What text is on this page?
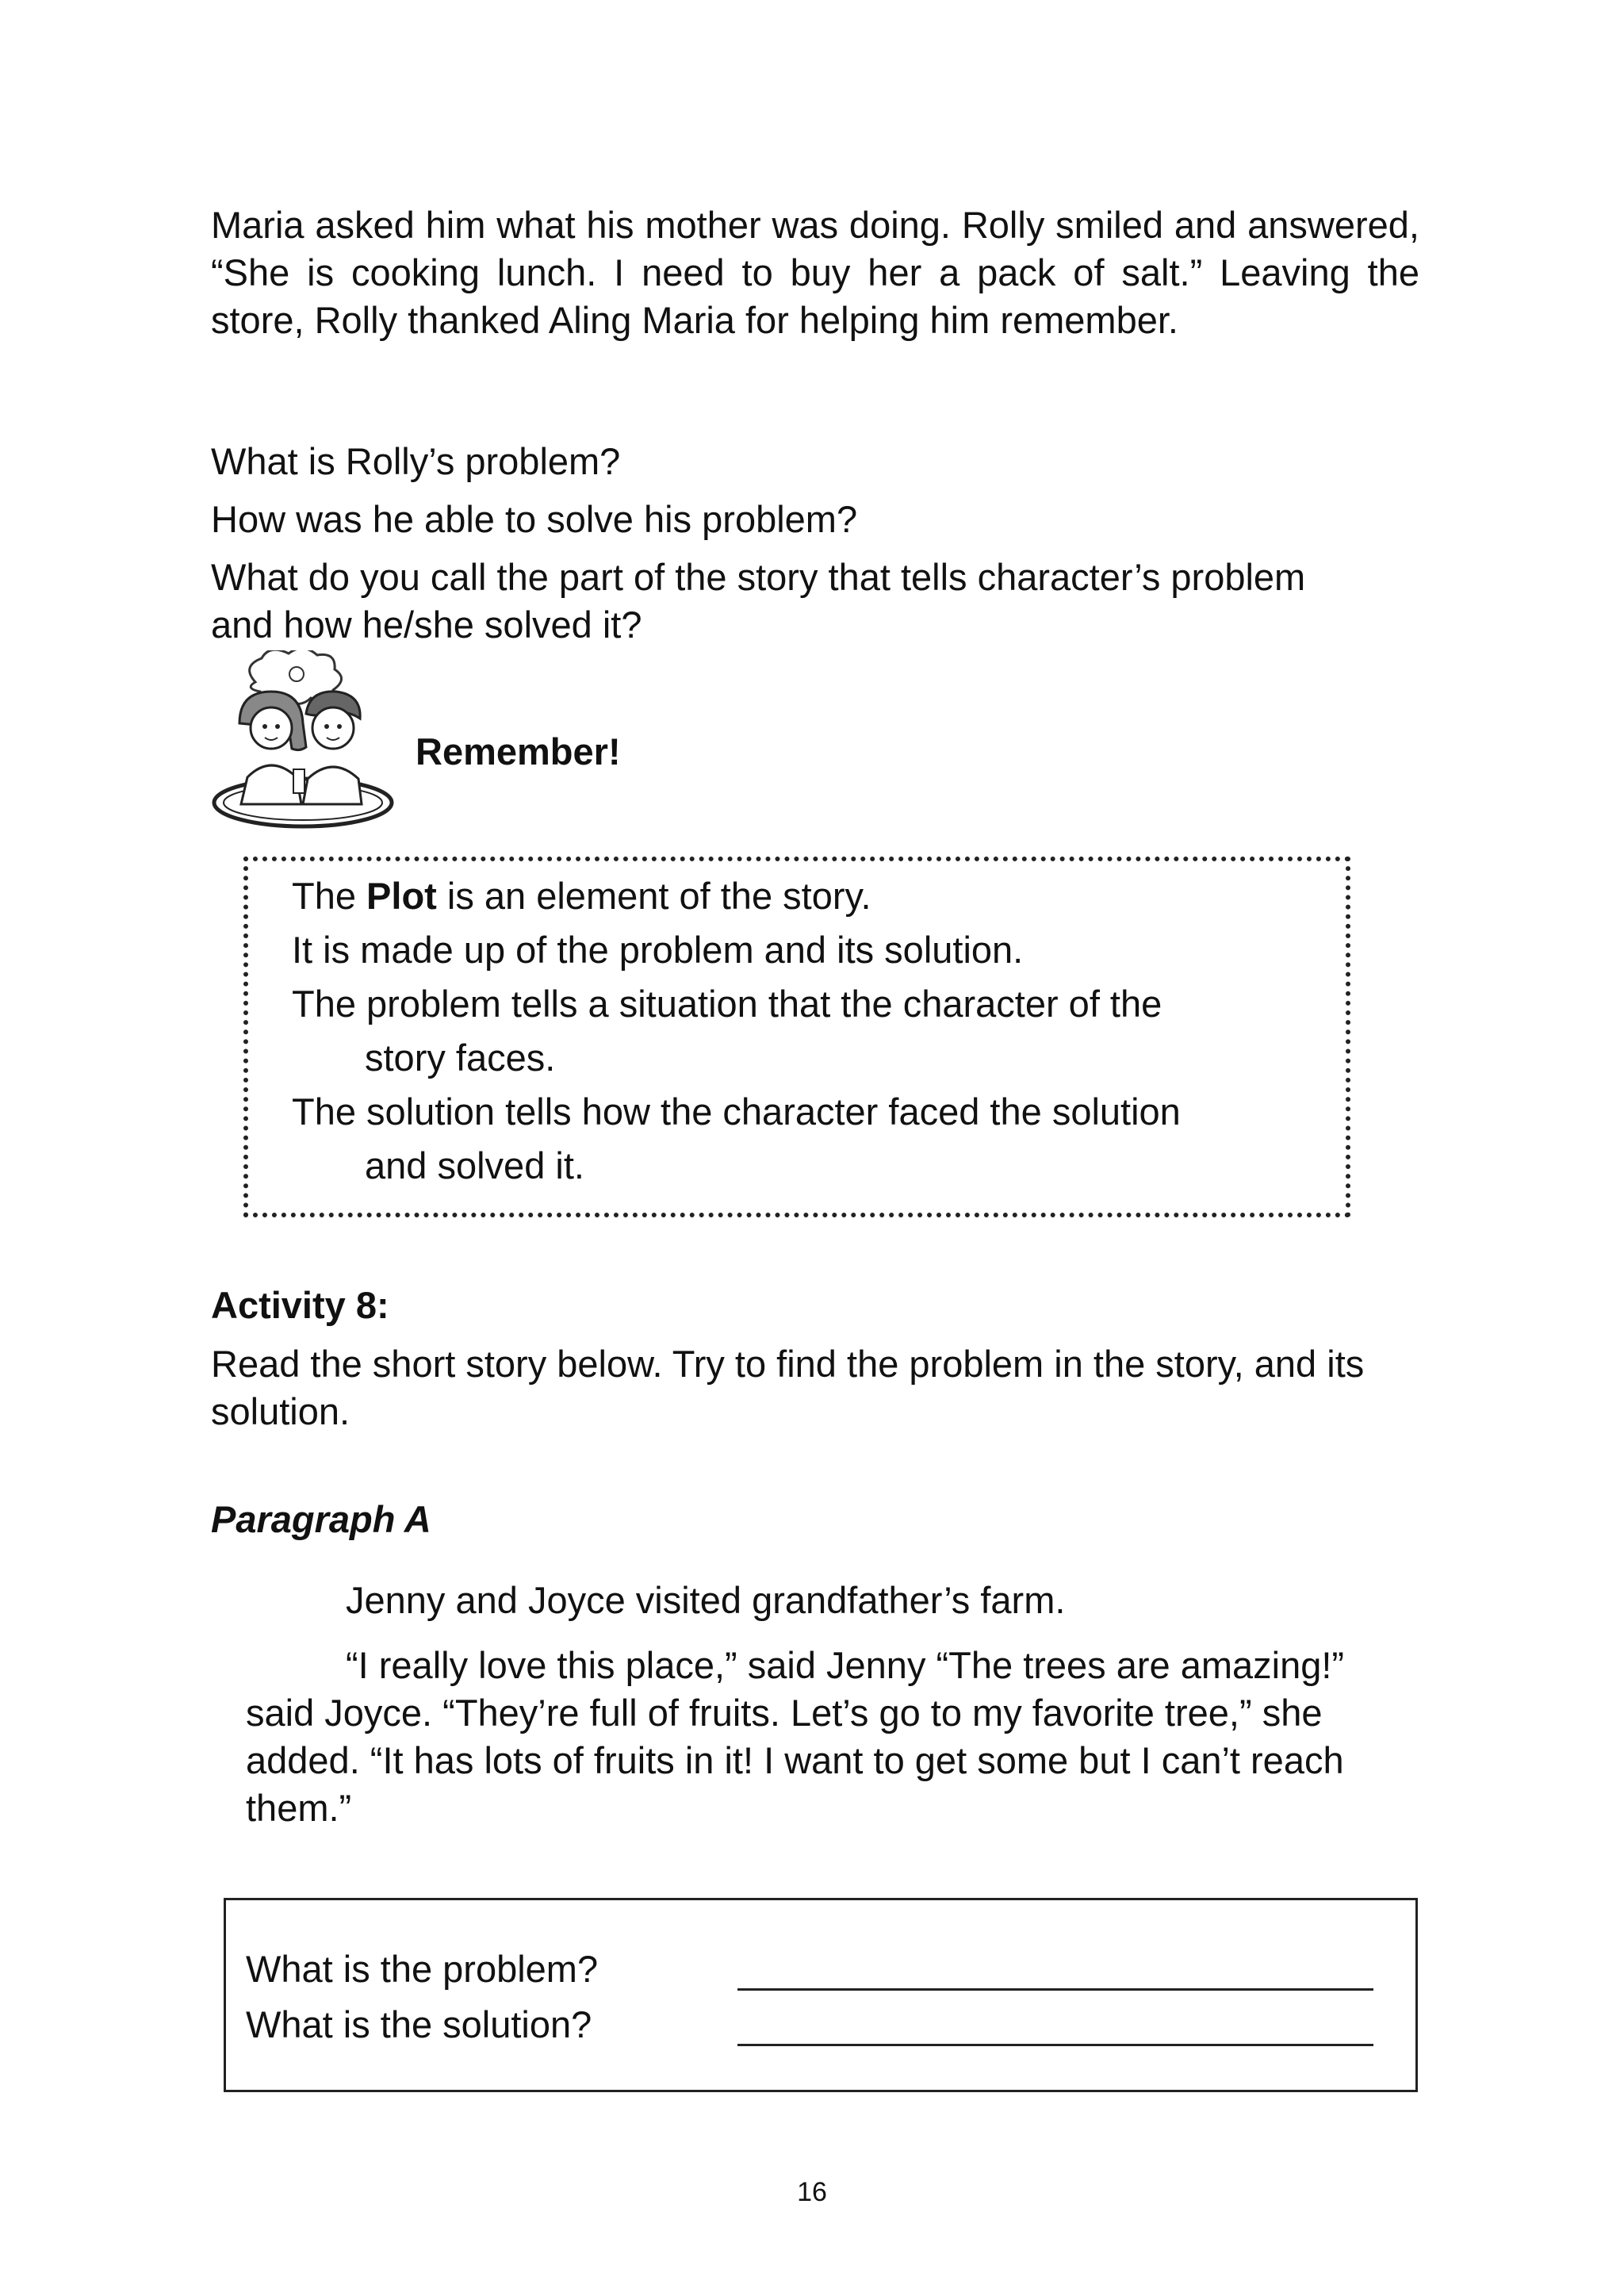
Maria asked him what his mother was doing. Rolly smiled and answered, “She is cooking lunch. I need to buy her a pack of salt.” Leaving the store, Rolly thanked Aling Maria for helping him remember.

What is Rolly’s problem?

How was he able to solve his problem?

What do you call the part of the story that tells character’s problem and how he/she solved it?

Remember!

The Plot is an element of the story.

It is made up of the problem and its solution.

The problem tells a situation that the character of the

story faces.

The solution tells how the character faced the solution

and solved it.

Activity 8:

Read the short story below. Try to find the problem in the story, and its solution.

Paragraph A

Jenny and Joyce visited grandfather’s farm.

“I really love this place,” said Jenny “The trees are amazing!” said Joyce. “They’re full of fruits. Let’s go to my favorite tree,” she added. “It has lots of fruits in it! I want to get some but I can’t reach them.”

What is the problem?

What is the solution?

16
